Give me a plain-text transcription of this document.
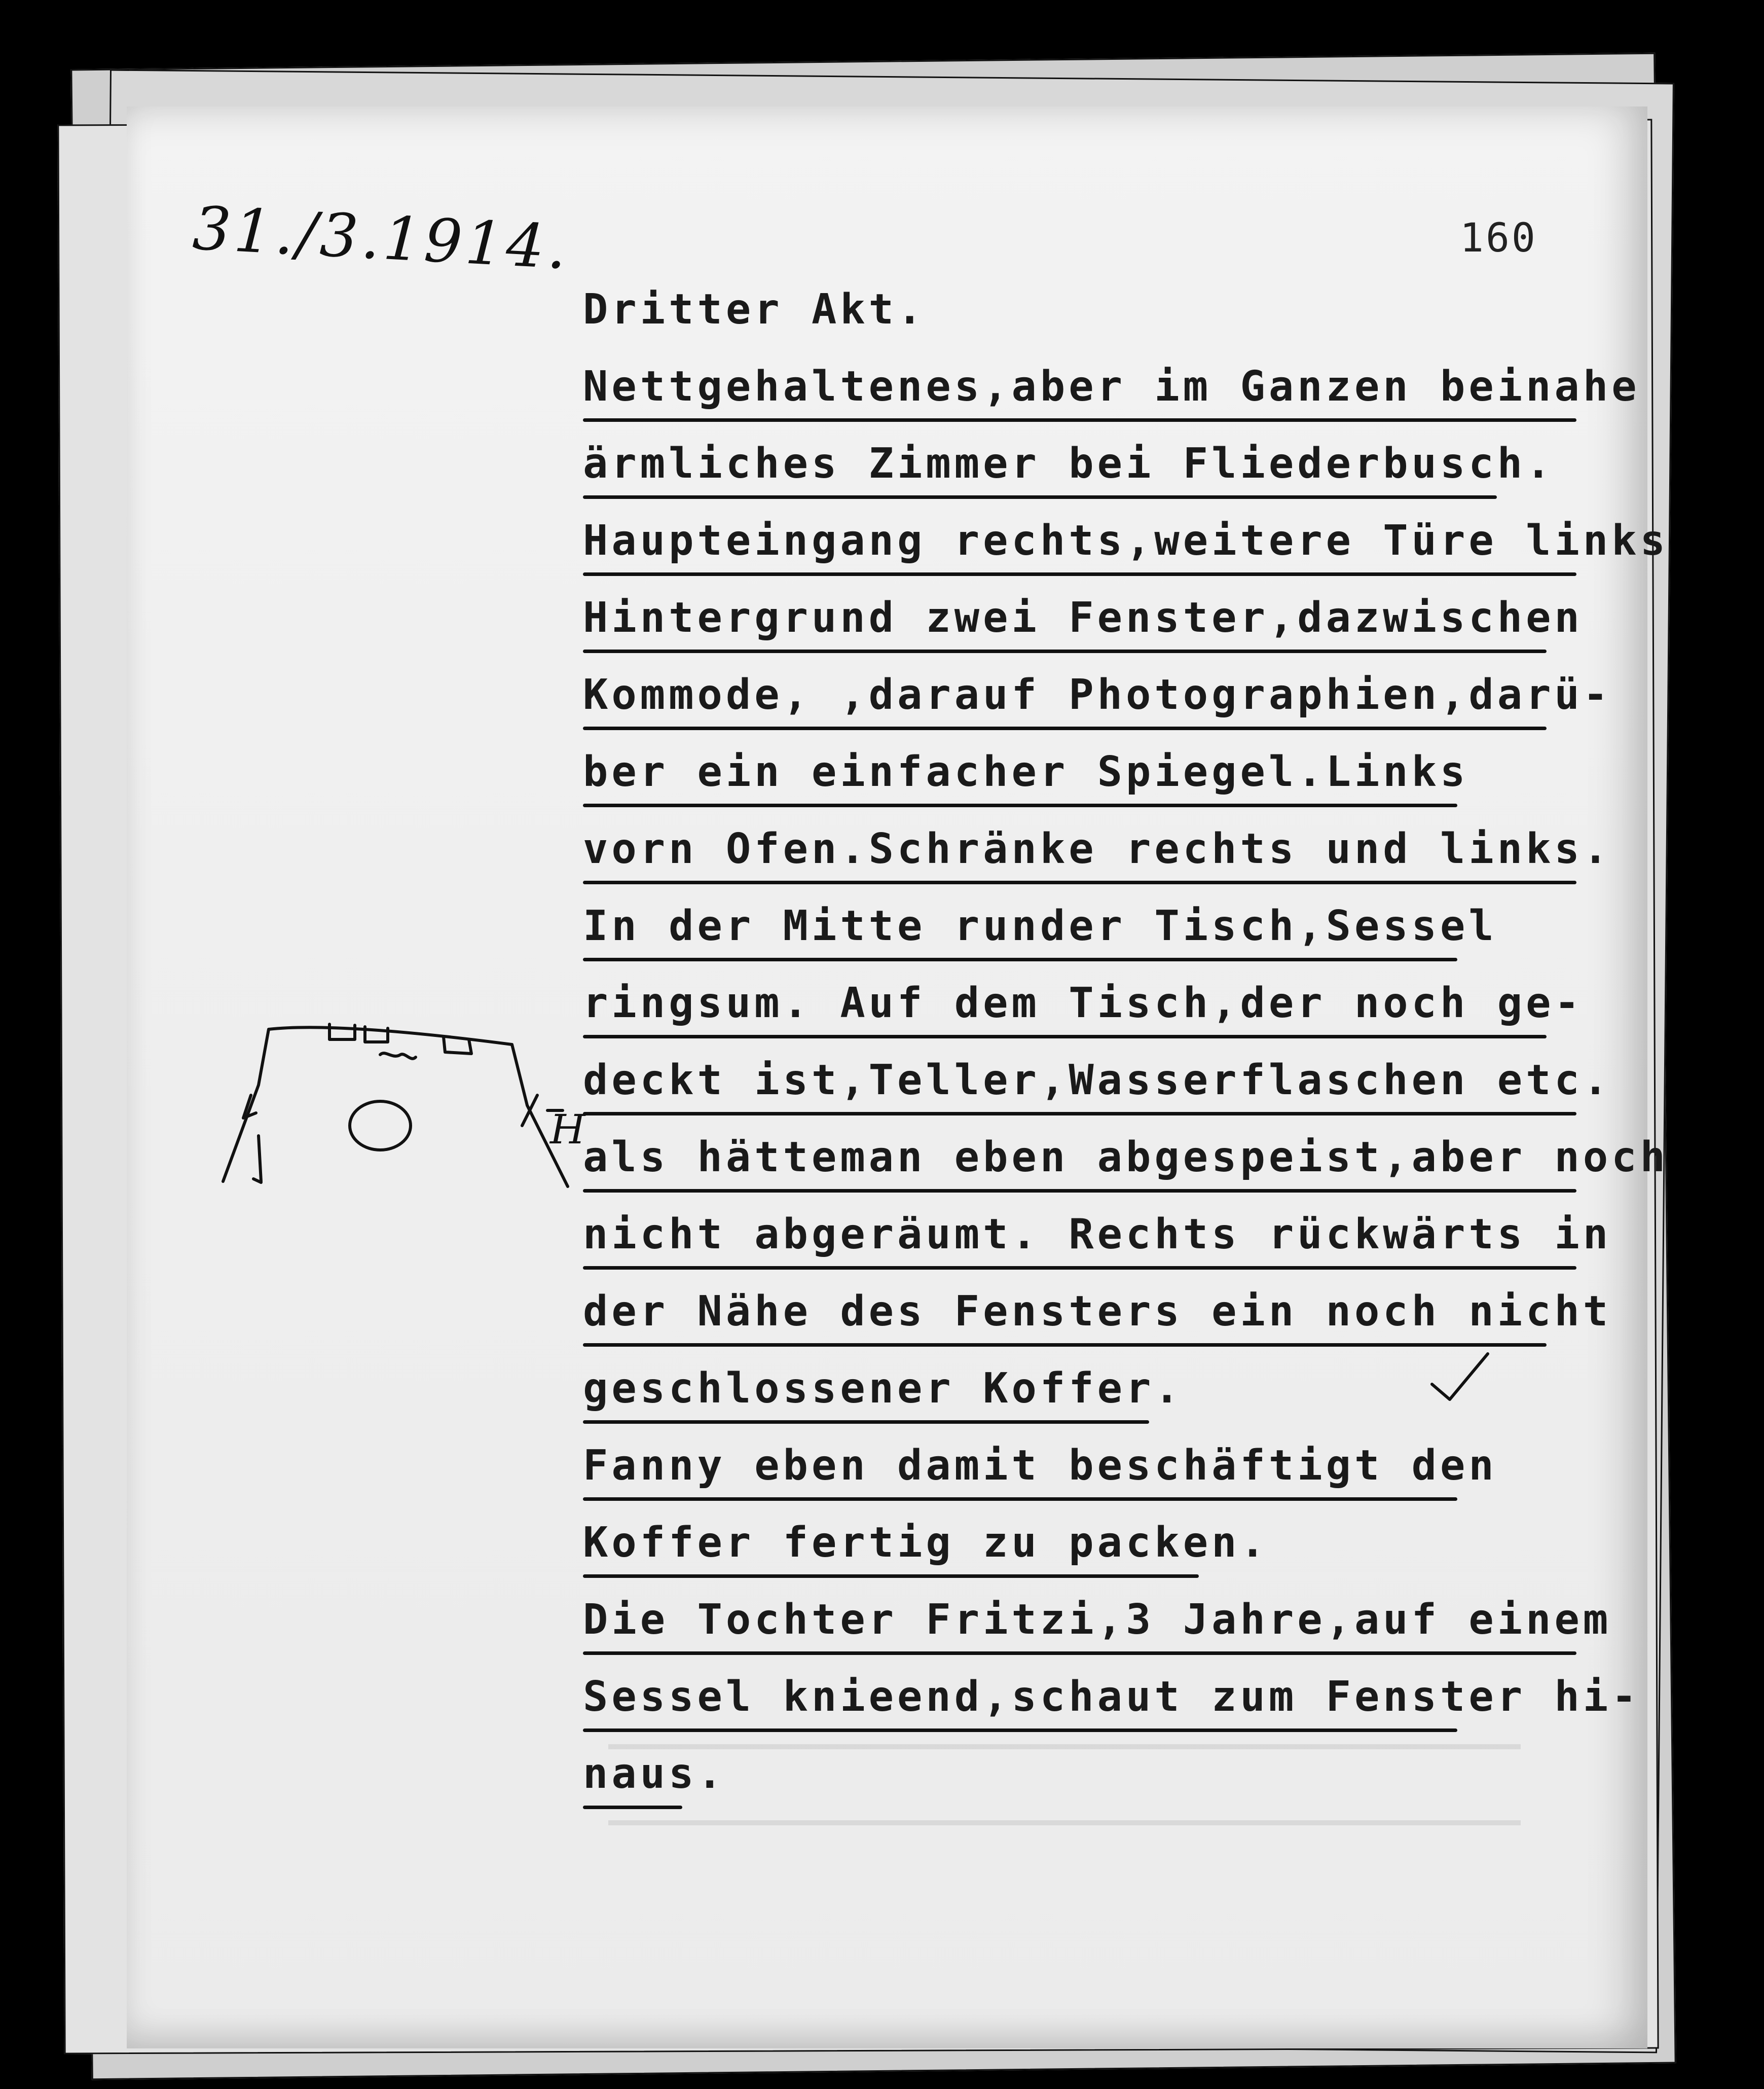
31./3.1914.	160
Dritter Akt.
Nettgehaltenes,aber im Ganzen beinahe
ärmliches Zimmer bei Fliederbusch.
Haupteingang rechts,weitere Türe links
Hintergrund zwei Fenster,dazwischen
Kommode, ,darauf Photographien,darü-
ber ein einfacher Spiegel.Links
vorn Ofen.Schränke rechts und links.
In der Mitte runder Tisch,Sessel
ringsum. Auf dem Tisch,der noch ge-
deckt ist,Teller,Wasserflaschen etc.
als hätteman eben abgespeist,aber noch
nicht abgeräumt. Rechts rückwärts in
der Nähe des Fensters ein noch nicht
geschlossener Koffer.
Fanny eben damit beschäftigt den
Koffer fertig zu packen.
Die Tochter Fritzi,3 Jahre,auf einem
Sessel knieend,schaut zum Fenster hi-
naus.
H
